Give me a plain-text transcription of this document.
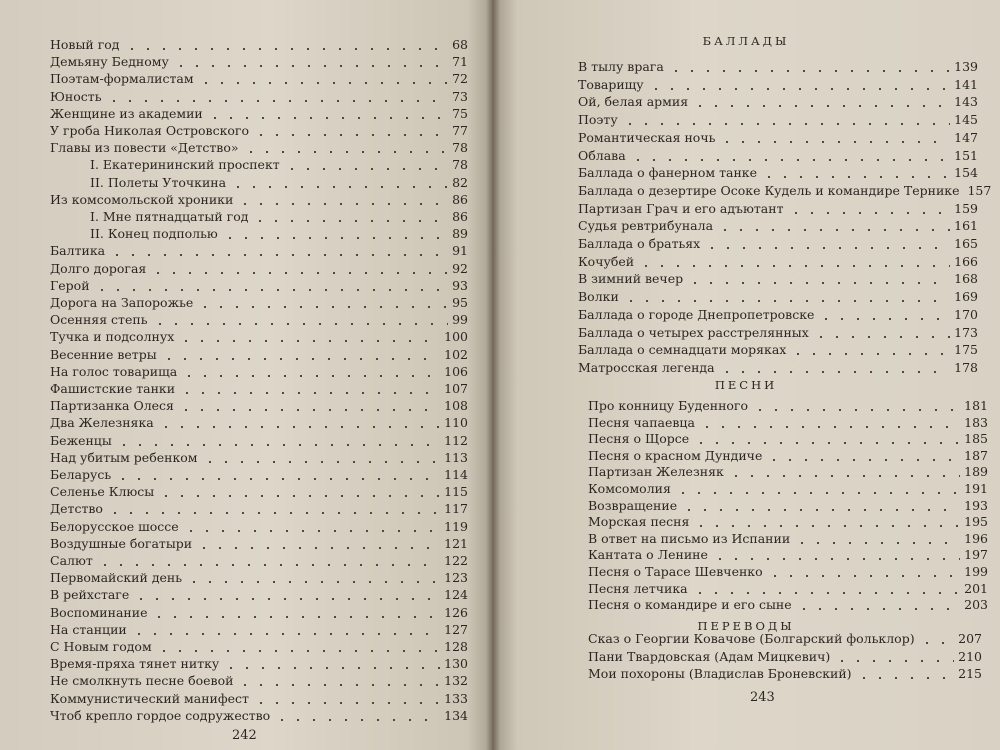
Новый год	68
Демьяну Бедному	71
Поэтам-формалистам	72
Юность	73
Женщине из академии	75
У гроба Николая Островского	77
Главы из повести «Детство»	78
I. Екатерининский проспект	78
II. Полеты Уточкина	82
Из комсомольской хроники	86
I. Мне пятнадцатый год	86
II. Конец подполью	89
Балтика	91
Долго дорогая	92
Герой	93
Дорога на Запорожье	95
Осенняя степь	99
Тучка и подсолнух	100
Весенние ветры	102
На голос товарища	106
Фашистские танки	107
Партизанка Олеся	108
Два Железняка	110
Беженцы	112
Над убитым ребенком	113
Беларусь	114
Селенье Клюсы	115
Детство	117
Белорусское шоссе	119
Воздушные богатыри	121
Салют	122
Первомайский день	123
В рейхстаге	124
Воспоминание	126
На станции	127
С Новым годом	128
Время-пряха тянет нитку	130
Не смолкнуть песне боевой	132
Коммунистический манифест	133
Чтоб крепло гордое содружество	134
242
БАЛЛАДЫ
В тылу врага	139
Товарищу	141
Ой, белая армия	143
Поэту	145
Романтическая ночь	147
Облава	151
Баллада о фанерном танке	154
Баллада о дезертире Осоке Кудель и командире Тернике 157
Партизан Грач и его адъютант	159
Судья ревтрибунала	161
Баллада о братьях	165
Кочубей	166
В зимний вечер	168
Волки	169
Баллада о городе Днепропетровске	170
Баллада о четырех расстрелянных	173
Баллада о семнадцати моряках	175
Матросская легенда	178
ПЕСНИ
Про конницу Буденного	181
Песня чапаевца	183
Песня о Щорсе	185
Песня о красном Дундиче	187
Партизан Железняк	189
Комсомолия	191
Возвращение	193
Морская песня	195
В ответ на письмо из Испании	196
Кантата о Ленине	197
Песня о Тарасе Шевченко	199
Песня летчика	201
Песня о командире и его сыне	203
ПЕРЕВОДЫ
Сказ о Георгии Ковачове (Болгарский фольклор)	207
Пани Твардовская (Адам Мицкевич)	210
Мои похороны (Владислав Броневский)	215
243
